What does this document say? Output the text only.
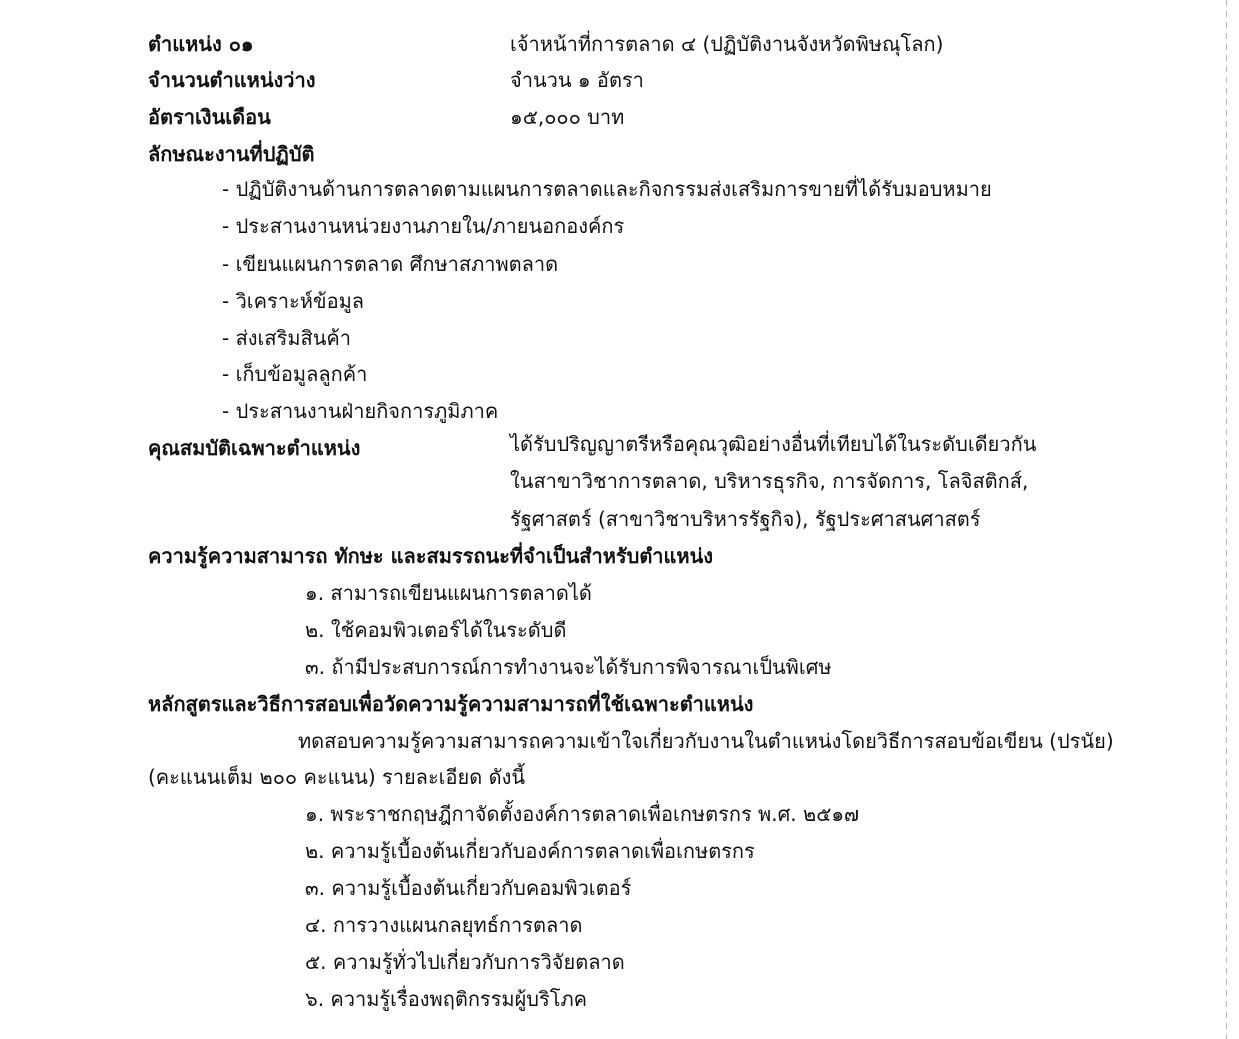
ตำแหน่ง ๐๑	เจ้าหน้าที่การตลาด ๔ (ปฏิบัติงานจังหวัดพิษณุโลก)
จำนวนตำแหน่งว่าง	จำนวน ๑ อัตรา
อัตราเงินเดือน	๑๕,๐๐๐ บาท
ลักษณะงานที่ปฏิบัติ
- ปฏิบัติงานด้านการตลาดตามแผนการตลาดและกิจกรรมส่งเสริมการขายที่ได้รับมอบหมาย
- ประสานงานหน่วยงานภายใน/ภายนอกองค์กร
- เขียนแผนการตลาด ศึกษาสภาพตลาด
- วิเคราะห์ข้อมูล
- ส่งเสริมสินค้า
- เก็บข้อมูลลูกค้า
- ประสานงานฝ่ายกิจการภูมิภาค
คุณสมบัติเฉพาะตำแหน่ง	ได้รับปริญญาตรีหรือคุณวุฒิอย่างอื่นที่เทียบได้ในระดับเดียวกัน
ในสาขาวิชาการตลาด, บริหารธุรกิจ, การจัดการ, โลจิสติกส์,
รัฐศาสตร์ (สาขาวิชาบริหารรัฐกิจ), รัฐประศาสนศาสตร์
ความรู้ความสามารถ ทักษะ และสมรรถนะที่จำเป็นสำหรับตำแหน่ง
๑. สามารถเขียนแผนการตลาดได้
๒. ใช้คอมพิวเตอร์ได้ในระดับดี
๓. ถ้ามีประสบการณ์การทำงานจะได้รับการพิจารณาเป็นพิเศษ
หลักสูตรและวิธีการสอบเพื่อวัดความรู้ความสามารถที่ใช้เฉพาะตำแหน่ง
ทดสอบความรู้ความสามารถความเข้าใจเกี่ยวกับงานในตำแหน่งโดยวิธีการสอบข้อเขียน (ปรนัย)
(คะแนนเต็ม ๒๐๐ คะแนน) รายละเอียด ดังนี้
๑. พระราชกฤษฎีกาจัดตั้งองค์การตลาดเพื่อเกษตรกร พ.ศ. ๒๕๑๗
๒. ความรู้เบื้องต้นเกี่ยวกับองค์การตลาดเพื่อเกษตรกร
๓. ความรู้เบื้องต้นเกี่ยวกับคอมพิวเตอร์
๔. การวางแผนกลยุทธ์การตลาด
๕. ความรู้ทั่วไปเกี่ยวกับการวิจัยตลาด
๖. ความรู้เรื่องพฤติกรรมผู้บริโภค
